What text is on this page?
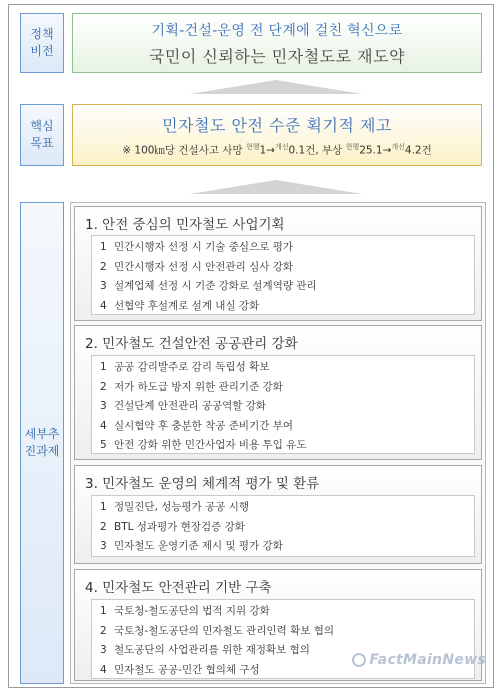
정책
비전
기획-건설-운영 전 단계에 걸친 혁신으로
국민이 신뢰하는 민자철도로 재도약
핵심
목표
민자철도 안전 수준 획기적 제고
※ 100㎞당 건설사고 사망 $^{현행}$1→$^{개선}$0.1건, 부상 $^{현행}$25.1→$^{개선}$4.2건
세부추
진과제
1. 안전 중심의 민자철도 사업기획
1 민간시행자 선정 시 기술 중심으로 평가
2 민간시행자 선정 시 안전관리 심사 강화
3 설계업체 선정 시 기준 강화로 설계역량 관리
4 선협약 후설계로 설계 내실 강화
2. 민자철도 건설안전 공공관리 강화
1 공공 감리발주로 감리 독립성 확보
2 저가 하도급 방지 위한 관리기준 강화
3 건설단계 안전관리 공공역할 강화
4 실시협약 후 충분한 착공 준비기간 부여
5 안전 강화 위한 민간사업자 비용 투입 유도
3. 민자철도 운영의 체계적 평가 및 환류
1 정밀진단, 성능평가 공공 시행
2 BTL 성과평가 현장검증 강화
3 민자철도 운영기준 제시 및 평가 강화
4. 민자철도 안전관리 기반 구축
1 국토청-철도공단의 법적 지위 강화
2 국토청-철도공단의 민자철도 관리인력 확보 협의
3 철도공단의 사업관리를 위한 재정확보 협의
4 민자철도 공공-민간 협의체 구성
FactMainNews
